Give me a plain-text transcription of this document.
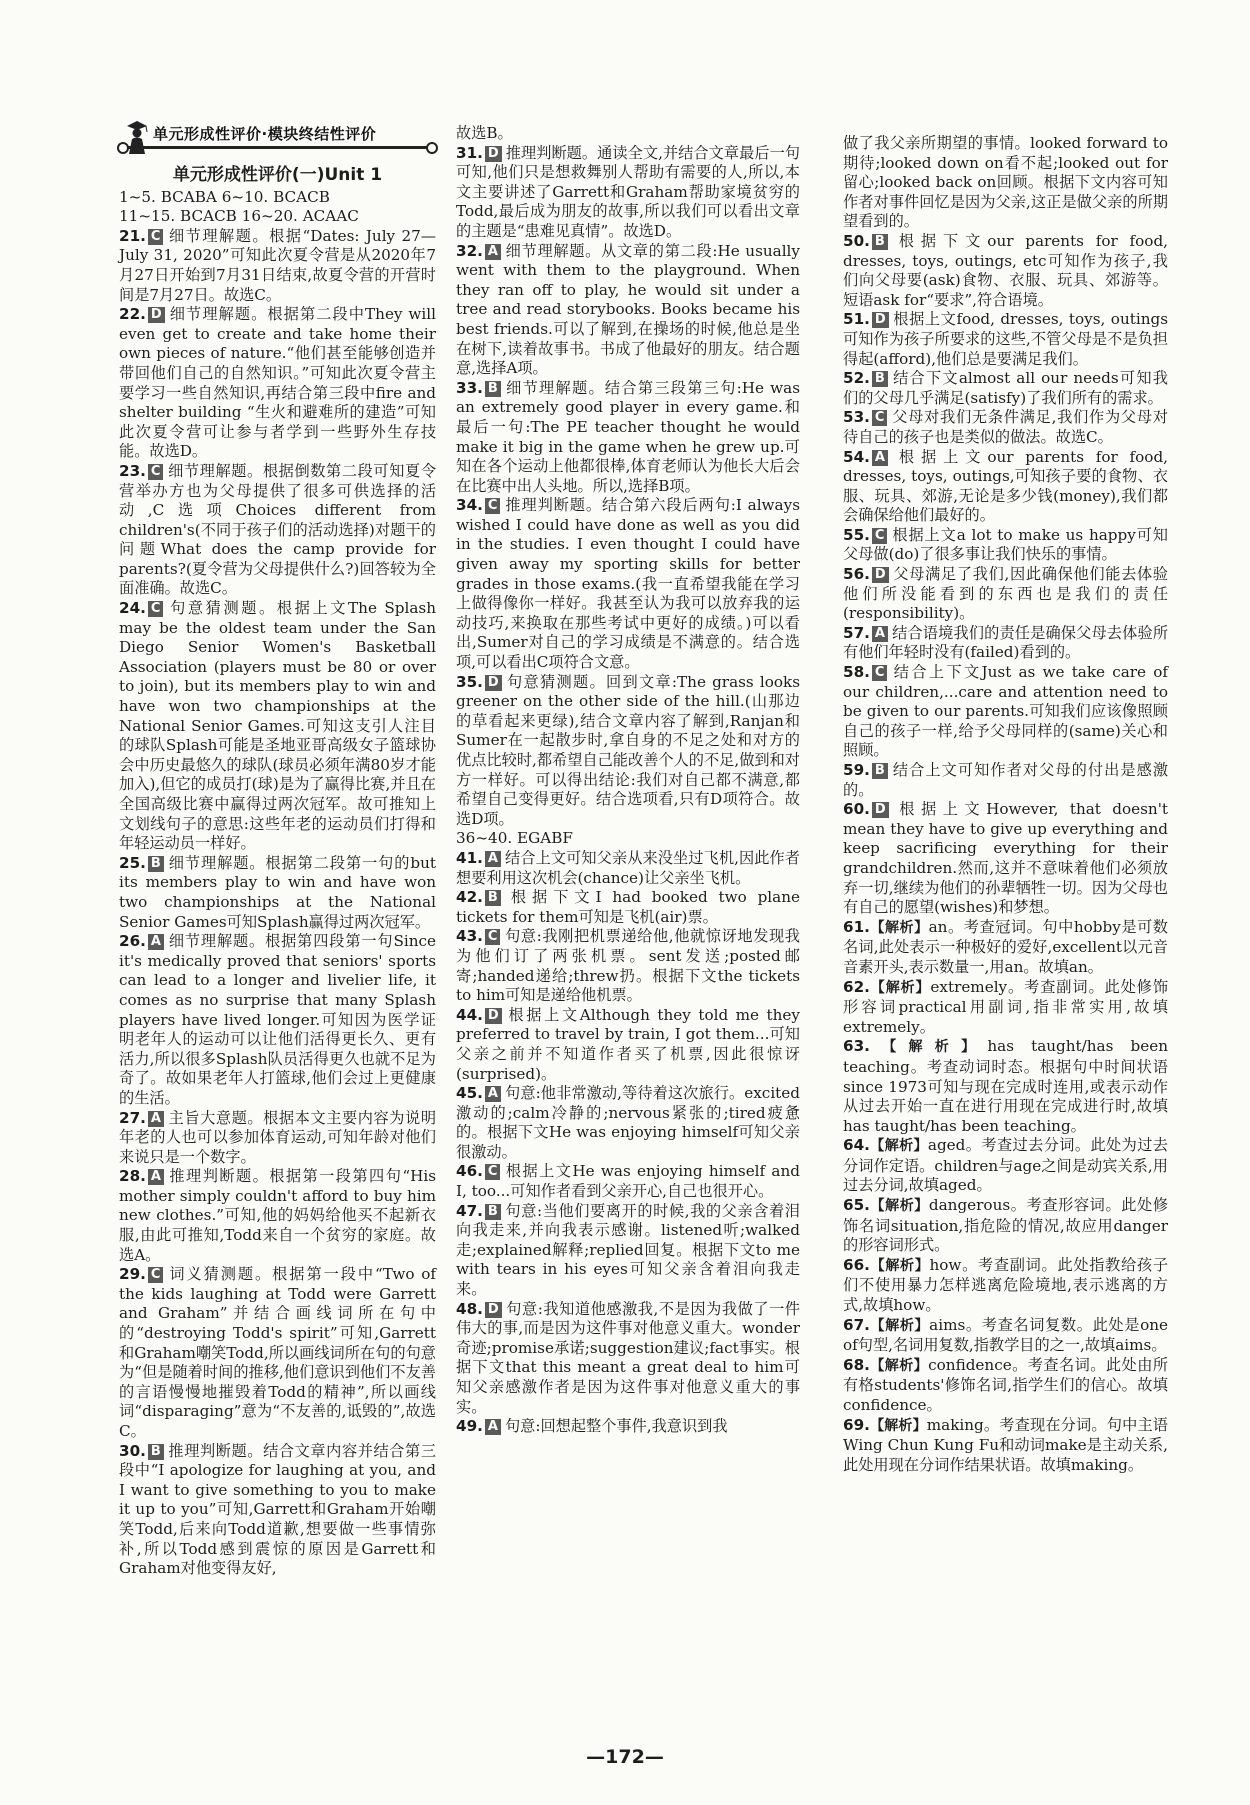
单元形成性评价·模块终结性评价
单元形成性评价(一)Unit 1
1~5. BCABA 6~10. BCACB
11~15. BCACB 16~20. ACAAC
21. C 细节理解题。根据“Dates: July 27—July 31, 2020”可知此次夏令营是从2020年7月27日开始到7月31日结束,故夏令营的开营时间是7月27日。故选C。
22. D 细节理解题。根据第二段中They will even get to create and take home their own pieces of nature.“他们甚至能够创造并带回他们自己的自然知识。”可知此次夏令营主要学习一些自然知识,再结合第三段中fire and shelter building “生火和避难所的建造”可知此次夏令营可让参与者学到一些野外生存技能。故选D。
23. C 细节理解题。根据倒数第二段可知夏令营举办方也为父母提供了很多可供选择的活动,C选项Choices different from children's(不同于孩子们的活动选择)对题干的问题What does the camp provide for parents?(夏令营为父母提供什么?)回答较为全面准确。故选C。
24. C 句意猜测题。根据上文The Splash may be the oldest team under the San Diego Senior Women's Basketball Association (players must be 80 or over to join), but its members play to win and have won two championships at the National Senior Games.可知这支引人注目的球队Splash可能是圣地亚哥高级女子篮球协会中历史最悠久的球队(球员必须年满80岁才能加入),但它的成员打(球)是为了赢得比赛,并且在全国高级比赛中赢得过两次冠军。故可推知上文划线句子的意思:这些年老的运动员们打得和年轻运动员一样好。
25. B 细节理解题。根据第二段第一句的but its members play to win and have won two championships at the National Senior Games可知Splash赢得过两次冠军。
26. A 细节理解题。根据第四段第一句Since it's medically proved that seniors' sports can lead to a longer and livelier life, it comes as no surprise that many Splash players have lived longer.可知因为医学证明老年人的运动可以让他们活得更长久、更有活力,所以很多Splash队员活得更久也就不足为奇了。故如果老年人打篮球,他们会过上更健康的生活。
27. A 主旨大意题。根据本文主要内容为说明年老的人也可以参加体育运动,可知年龄对他们来说只是一个数字。
28. A 推理判断题。根据第一段第四句“His mother simply couldn't afford to buy him new clothes.”可知,他的妈妈给他买不起新衣服,由此可推知,Todd来自一个贫穷的家庭。故选A。
29. C 词义猜测题。根据第一段中“Two of the kids laughing at Todd were Garrett and Graham”并结合画线词所在句中的“destroying Todd's spirit”可知,Garrett和Graham嘲笑Todd,所以画线词所在句的句意为“但是随着时间的推移,他们意识到他们不友善的言语慢慢地摧毁着Todd的精神”,所以画线词“disparaging”意为“不友善的,诋毁的”,故选C。
30. B 推理判断题。结合文章内容并结合第三段中“I apologize for laughing at you, and I want to give something to you to make it up to you”可知,Garrett和Graham开始嘲笑Todd,后来向Todd道歉,想要做一些事情弥补,所以Todd感到震惊的原因是Garrett和Graham对他变得友好,
故选B。
31. D 推理判断题。通读全文,并结合文章最后一句可知,他们只是想救舞别人帮助有需要的人,所以,本文主要讲述了Garrett和Graham帮助家境贫穷的Todd,最后成为朋友的故事,所以我们可以看出文章的主题是“患难见真情”。故选D。
32. A 细节理解题。从文章的第二段:He usually went with them to the playground. When they ran off to play, he would sit under a tree and read storybooks. Books became his best friends.可以了解到,在操场的时候,他总是坐在树下,读着故事书。书成了他最好的朋友。结合题意,选择A项。
33. B 细节理解题。结合第三段第三句:He was an extremely good player in every game.和最后一句:The PE teacher thought he would make it big in the game when he grew up.可知在各个运动上他都很棒,体育老师认为他长大后会在比赛中出人头地。所以,选择B项。
34. C 推理判断题。结合第六段后两句:I always wished I could have done as well as you did in the studies. I even thought I could have given away my sporting skills for better grades in those exams.(我一直希望我能在学习上做得像你一样好。我甚至认为我可以放弃我的运动技巧,来换取在那些考试中更好的成绩。)可以看出,Sumer对自己的学习成绩是不满意的。结合选项,可以看出C项符合文意。
35. D 句意猜测题。回到文章:The grass looks greener on the other side of the hill.(山那边的草看起来更绿),结合文章内容了解到,Ranjan和Sumer在一起散步时,拿自身的不足之处和对方的优点比较时,都希望自己能改善个人的不足,做到和对方一样好。可以得出结论:我们对自己都不满意,都希望自己变得更好。结合选项看,只有D项符合。故选D项。
36~40. EGABF
41. A 结合上文可知父亲从来没坐过飞机,因此作者想要利用这次机会(chance)让父亲坐飞机。
42. B 根据下文I had booked two plane tickets for them可知是飞机(air)票。
43. C 句意:我刚把机票递给他,他就惊讶地发现我为他们订了两张机票。sent发送;posted邮寄;handed递给;threw扔。根据下文the tickets to him可知是递给他机票。
44. D 根据上文Although they told me they preferred to travel by train, I got them...可知父亲之前并不知道作者买了机票,因此很惊讶(surprised)。
45. A 句意:他非常激动,等待着这次旅行。excited激动的;calm冷静的;nervous紧张的;tired疲惫的。根据下文He was enjoying himself可知父亲很激动。
46. C 根据上文He was enjoying himself and I, too...可知作者看到父亲开心,自己也很开心。
47. B 句意:当他们要离开的时候,我的父亲含着泪向我走来,并向我表示感谢。listened听;walked走;explained解释;replied回复。根据下文to me with tears in his eyes可知父亲含着泪向我走来。
48. D 句意:我知道他感激我,不是因为我做了一件伟大的事,而是因为这件事对他意义重大。wonder奇迹;promise承诺;suggestion建议;fact事实。根据下文that this meant a great deal to him可知父亲感激作者是因为这件事对他意义重大的事实。
49. A 句意:回想起整个事件,我意识到我
做了我父亲所期望的事情。looked forward to期待;looked down on看不起;looked out for留心;looked back on回顾。根据下文内容可知作者对事件回忆是因为父亲,这正是做父亲的所期望看到的。
50. B 根据下文our parents for food, dresses, toys, outings, etc可知作为孩子,我们向父母要(ask)食物、衣服、玩具、郊游等。短语ask for“要求”,符合语境。
51. D 根据上文food, dresses, toys, outings可知作为孩子所要求的这些,不管父母是不是负担得起(afford),他们总是要满足我们。
52. B 结合下文almost all our needs可知我们的父母几乎满足(satisfy)了我们所有的需求。
53. C 父母对我们无条件满足,我们作为父母对待自己的孩子也是类似的做法。故选C。
54. A 根据上文our parents for food, dresses, toys, outings,可知孩子要的食物、衣服、玩具、郊游,无论是多少钱(money),我们都会确保给他们最好的。
55. C 根据上文a lot to make us happy可知父母做(do)了很多事让我们快乐的事情。
56. D 父母满足了我们,因此确保他们能去体验他们所没能看到的东西也是我们的责任(responsibility)。
57. A 结合语境我们的责任是确保父母去体验所有他们年轻时没有(failed)看到的。
58. C 结合上下文Just as we take care of our children,...care and attention need to be given to our parents.可知我们应该像照顾自己的孩子一样,给予父母同样的(same)关心和照顾。
59. B 结合上文可知作者对父母的付出是感激的。
60. D 根据上文However, that doesn't mean they have to give up everything and keep sacrificing everything for their grandchildren.然而,这并不意味着他们必须放弃一切,继续为他们的孙辈牺牲一切。因为父母也有自己的愿望(wishes)和梦想。
61.【解析】an。考查冠词。句中hobby是可数名词,此处表示一种极好的爱好,excellent以元音音素开头,表示数量一,用an。故填an。
62.【解析】extremely。考查副词。此处修饰形容词practical用副词,指非常实用,故填extremely。
63.【解析】has taught/has been teaching。考查动词时态。根据句中时间状语since 1973可知与现在完成时连用,或表示动作从过去开始一直在进行用现在完成进行时,故填has taught/has been teaching。
64.【解析】aged。考查过去分词。此处为过去分词作定语。children与age之间是动宾关系,用过去分词,故填aged。
65.【解析】dangerous。考查形容词。此处修饰名词situation,指危险的情况,故应用danger的形容词形式。
66.【解析】how。考查副词。此处指教给孩子们不使用暴力怎样逃离危险境地,表示逃离的方式,故填how。
67.【解析】aims。考查名词复数。此处是one of句型,名词用复数,指教学目的之一,故填aims。
68.【解析】confidence。考查名词。此处由所有格students'修饰名词,指学生们的信心。故填confidence。
69.【解析】making。考查现在分词。句中主语Wing Chun Kung Fu和动词make是主动关系,此处用现在分词作结果状语。故填making。
—172—
